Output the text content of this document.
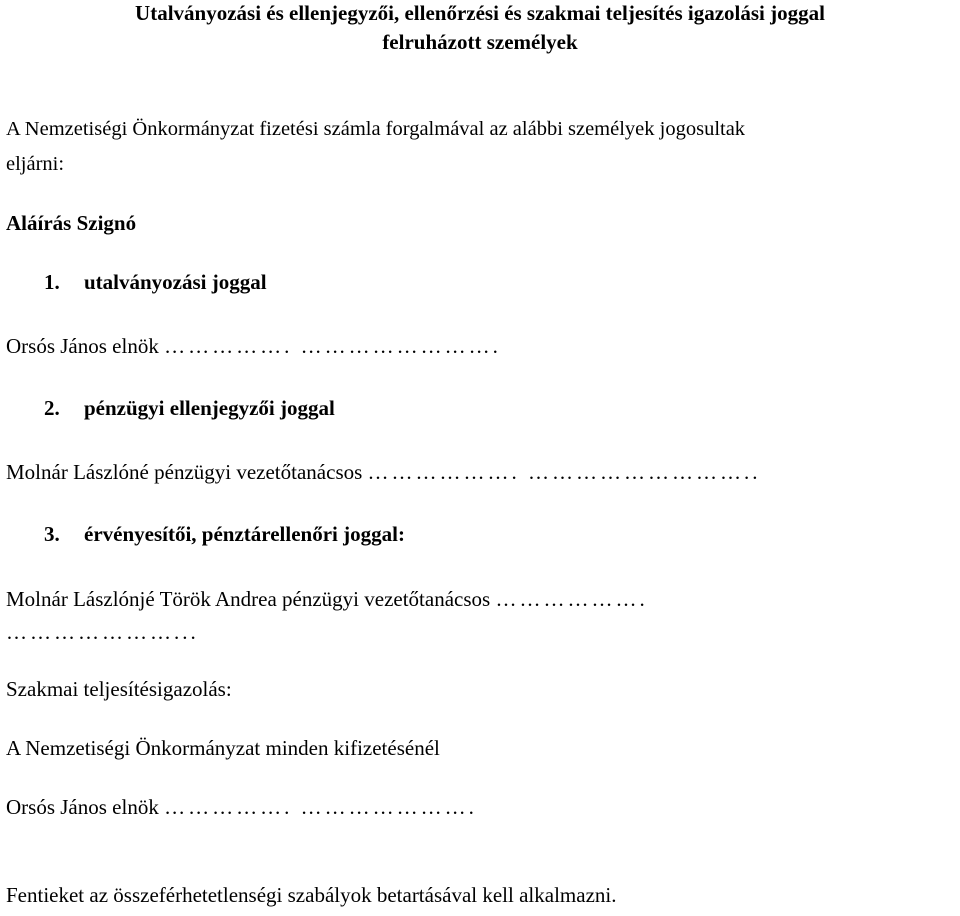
Utalványozási és ellenjegyzői, ellenőrzési és szakmai teljesítés igazolási joggal
felruházott személyek
A Nemzetiségi Önkormányzat fizetési számla forgalmával az alábbi személyek jogosultak
eljárni:
Aláírás Szignó
1. utalványozási joggal
Orsós János elnök ……………. …………………….
2. pénzügyi ellenjegyzői joggal
Molnár Lászlóné pénzügyi vezetőtanácsos ………………. ………………………..
3. érvényesítői, pénztárellenőri joggal:
Molnár Lászlónjé Török Andrea pénzügyi vezetőtanácsos ……………….
…………………...
Szakmai teljesítésigazolás:
A Nemzetiségi Önkormányzat minden kifizetésénél
Orsós János elnök ……………. ………………….
Fentieket az összeférhetetlenségi szabályok betartásával kell alkalmazni.
